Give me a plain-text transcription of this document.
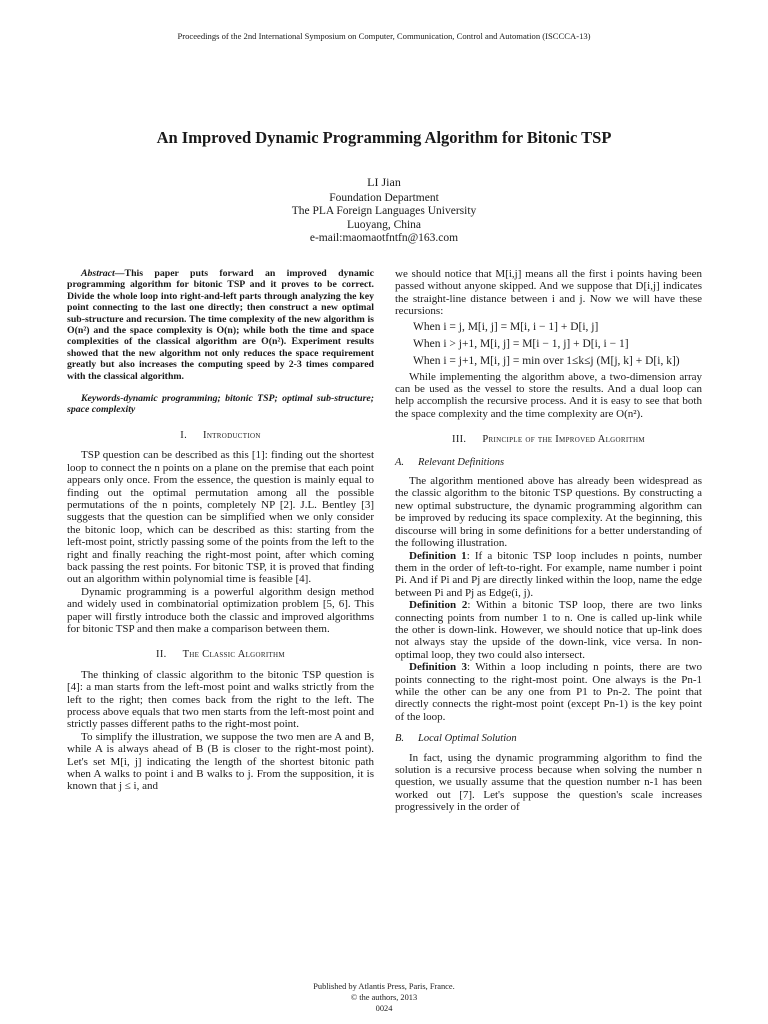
Proceedings of the 2nd International Symposium on Computer, Communication, Control and Automation (ISCCCA-13)
An Improved Dynamic Programming Algorithm for Bitonic TSP
LI Jian
Foundation Department
The PLA Foreign Languages University
Luoyang, China
e-mail:maomaotfntfn@163.com

Abstract—This paper puts forward an improved dynamic programming algorithm for bitonic TSP and it proves to be correct. Divide the whole loop into right-and-left parts through analyzing the key point connecting to the last one directly; then construct a new optimal sub-structure and recursion. The time complexity of the new algorithm is O(n²) and the space complexity is O(n); while both the time and space complexities of the classical algorithm are O(n²). Experiment results showed that the new algorithm not only reduces the space requirement greatly but also increases the computing speed by 2-3 times compared with the classical algorithm.

Keywords-dynamic programming; bitonic TSP; optimal sub-structure; space complexity

I. Introduction

TSP question can be described as this [1]: finding out the shortest loop to connect the n points on a plane on the premise that each point appears only once. From the essence, the question is mainly equal to finding out the optimal permutation among all the possible permutations of the n points, completely NP [2]. J.L. Bentley [3] suggests that the question can be simplified when we only consider the bitonic loop, which can be described as this: starting from the left-most point, strictly passing some of the points from the left to the right and finally reaching the right-most point, after which coming back passing the rest points. For bitonic TSP, it is proved that finding out an algorithm within polynomial time is feasible [4].

Dynamic programming is a powerful algorithm design method and widely used in combinatorial optimization problem [5, 6]. This paper will firstly introduce both the classic and improved algorithms for bitonic TSP and then make a comparison between them.

II. The Classic Algorithm

The thinking of classic algorithm to the bitonic TSP question is [4]: a man starts from the left-most point and walks strictly from the left to the right; then comes back from the right to the left. The process above equals that two men starts from the left-most point and strictly passes different paths to the right-most point.

To simplify the illustration, we suppose the two men are A and B, while A is always ahead of B (B is closer to the right-most point). Let's set M[i, j] indicating the length of the shortest bitonic path when A walks to point i and B walks to j. From the supposition, it is known that j ≤ i, and

we should notice that M[i,j] means all the first i points having been passed without anyone skipped. And we suppose that D[i,j] indicates the straight-line distance between i and j. Now we will have these recursions:

When i = j, M[i, j] = M[i, i − 1] + D[i, j]
When i > j+1, M[i, j] = M[i − 1, j] + D[i, i − 1]
When i = j+1, M[i, j] = min over 1≤k≤j (M[j, k] + D[i, k])

While implementing the algorithm above, a two-dimension array can be used as the vessel to store the results. And a dual loop can help accomplish the recursive process. And it is easy to see that both the space complexity and the time complexity are O(n²).

III. Principle of the Improved Algorithm
A. Relevant Definitions

The algorithm mentioned above has already been widespread as the classic algorithm to the bitonic TSP questions. By constructing a new optimal substructure, the dynamic programming algorithm can be improved by reducing its space complexity. At the beginning, this discourse will bring in some definitions for a better understanding of the following illustration.

Definition 1: If a bitonic TSP loop includes n points, number them in the order of left-to-right. For example, name number i point Pi. And if Pi and Pj are directly linked within the loop, name the edge between Pi and Pj as Edge(i, j).

Definition 2: Within a bitonic TSP loop, there are two links connecting points from number 1 to n. One is called up-link while the other is down-link. However, we should notice that up-link does not always stay the upside of the down-link, vice versa. In non-optimal loop, they two could also intersect.

Definition 3: Within a loop including n points, there are two points connecting to the right-most point. One always is the Pn-1 while the other can be any one from P1 to Pn-2. The point that directly connects the right-most point (except Pn-1) is the key point of the loop.

B. Local Optimal Solution

In fact, using the dynamic programming algorithm to find the solution is a recursive process because when solving the number n question, we usually assume that the question number n-1 has been worked out [7]. Let's suppose the question's scale increases progressively in the order of

Published by Atlantis Press, Paris, France.
© the authors, 2013
0024
